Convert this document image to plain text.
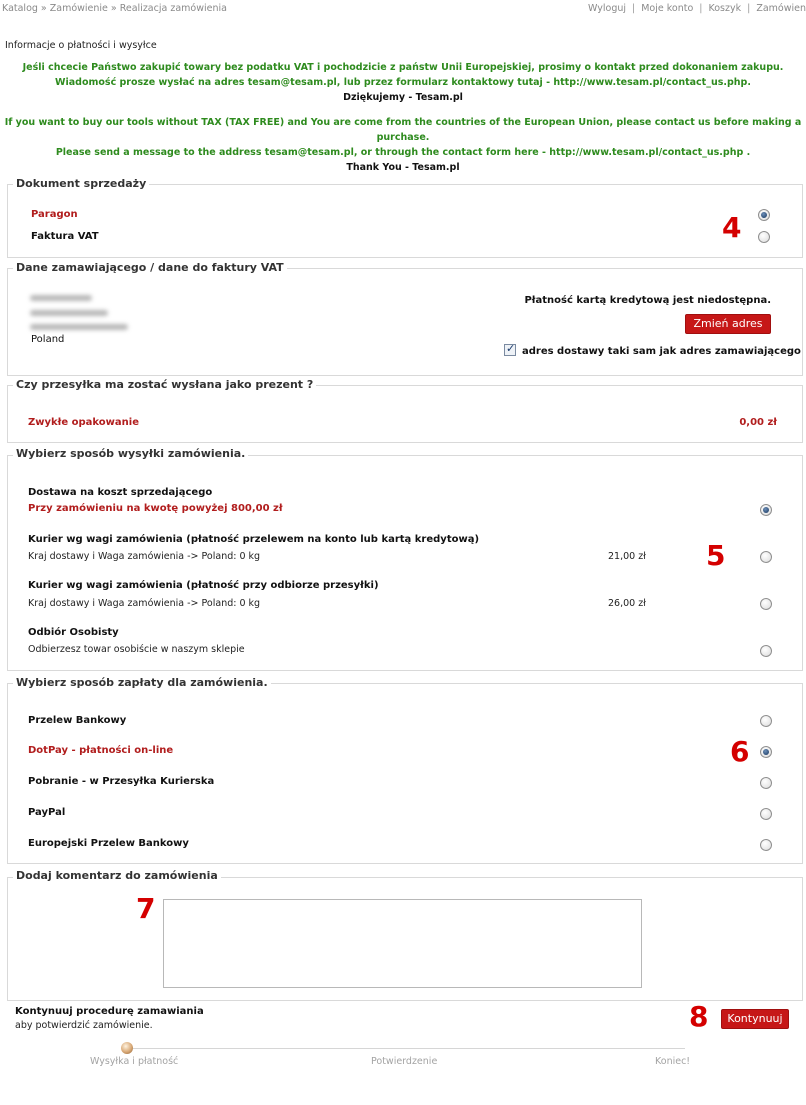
Katalog » Zamówienie » Realizacja zamówienia	Wyloguj | Moje konto | Koszyk | Zamówien
Informacje o płatności i wysyłce
Jeśli chcecie Państwo zakupić towary bez podatku VAT i pochodzicie z państw Unii Europejskiej, prosimy o kontakt przed dokonaniem zakupu.
Wiadomość prosze wysłać na adres tesam@tesam.pl, lub przez formularz kontaktowy tutaj - http://www.tesam.pl/contact_us.php.
Dziękujemy - Tesam.pl
If you want to buy our tools without TAX (TAX FREE) and You are come from the countries of the European Union, please contact us before making a purchase.
Please send a message to the address tesam@tesam.pl, or through the contact form here - http://www.tesam.pl/contact_us.php .
Thank You - Tesam.pl
Dokument sprzedaży
Paragon
Faktura VAT	4
Dane zamawiającego / dane do faktury VAT
Poland
Płatność kartą kredytową jest niedostępna.
Zmień adres
✓
adres dostawy taki sam jak adres zamawiającego
Czy przesyłka ma zostać wysłana jako prezent ?
Zwykłe opakowanie	0,00 zł
Wybierz sposób wysyłki zamówienia.
Dostawa na koszt sprzedającego
Przy zamówieniu na kwotę powyżej 800,00 zł
Kurier wg wagi zamówienia (płatność przelewem na konto lub kartą kredytową)
Kraj dostawy i Waga zamówienia -> Poland: 0 kg	21,00 zł
Kurier wg wagi zamówienia (płatność przy odbiorze przesyłki)
Kraj dostawy i Waga zamówienia -> Poland: 0 kg	26,00 zł
Odbiór Osobisty
Odbierzesz towar osobiście w naszym sklepie
5
Wybierz sposób zapłaty dla zamówienia.
Przelew Bankowy
DotPay - płatności on-line
Pobranie - w Przesyłka Kurierska
PayPal
Europejski Przelew Bankowy
6
Dodaj komentarz do zamówienia
7
Kontynuuj procedurę zamawiania
aby potwierdzić zamówienie.
Kontynuuj
8
Wysyłka i płatność	Potwierdzenie	Koniec!
